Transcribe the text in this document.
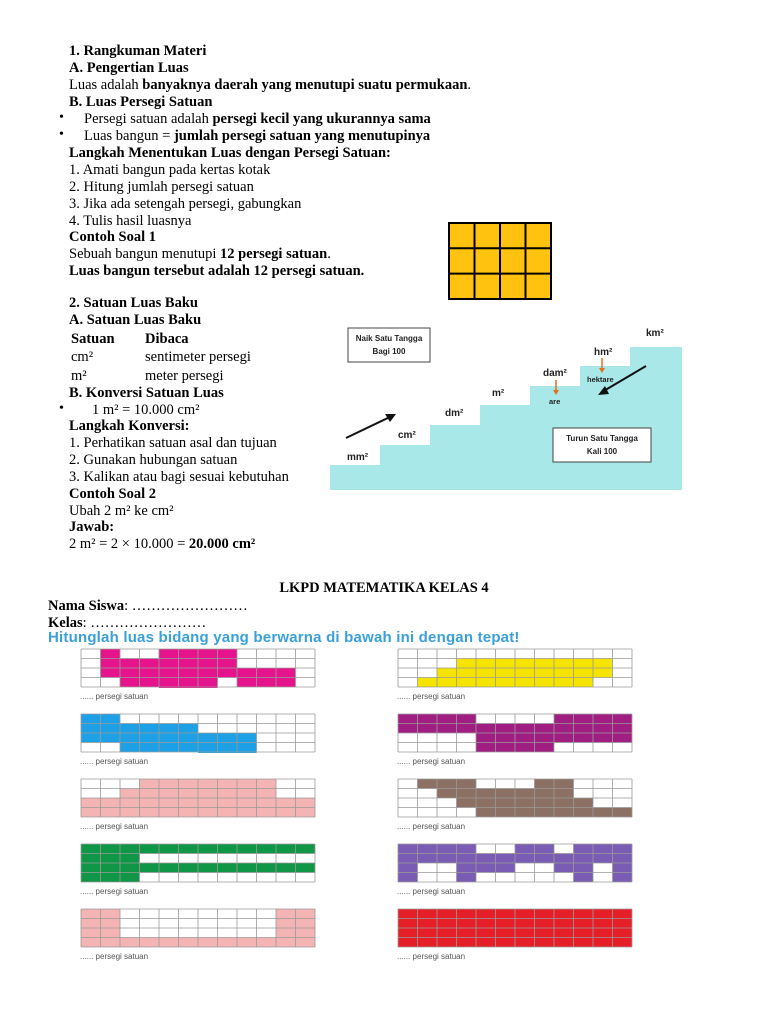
1. Rangkuman Materi
A. Pengertian Luas
Luas adalah banyaknya daerah yang menutupi suatu permukaan.
B. Luas Persegi Satuan
• Persegi satuan adalah persegi kecil yang ukurannya sama
• Luas bangun = jumlah persegi satuan yang menutupinya
Langkah Menentukan Luas dengan Persegi Satuan:
1. Amati bangun pada kertas kotak
2. Hitung jumlah persegi satuan
3. Jika ada setengah persegi, gabungkan
4. Tulis hasil luasnya
Contoh Soal 1
Sebuah bangun menutupi 12 persegi satuan.
Luas bangun tersebut adalah 12 persegi satuan.
2. Satuan Luas Baku
A. Satuan Luas Baku
Satuan Dibaca
cm²	sentimeter persegi
m²	meter persegi
B. Konversi Satuan Luas
• 1 m² = 10.000 cm²
Langkah Konversi:
1. Perhatikan satuan asal dan tujuan
2. Gunakan hubungan satuan
3. Kalikan atau bagi sesuai kebutuhan
Contoh Soal 2
Ubah 2 m² ke cm²
Jawab:
2 m² = 2 × 10.000 = 20.000 cm²
Naik Satu Tangga
Bagi 100
Turun Satu Tangga
Kali 100
mm²
cm²
dm²
m²
dam²
hm²
km²
are
hektare
LKPD MATEMATIKA KELAS 4
Nama Siswa: ……………………
Kelas: ……………………
Hitunglah luas bidang yang berwarna di bawah ini dengan tepat!
...... persegi satuan	...... persegi satuan
...... persegi satuan	...... persegi satuan
...... persegi satuan	...... persegi satuan
...... persegi satuan	...... persegi satuan
...... persegi satuan	...... persegi satuan
